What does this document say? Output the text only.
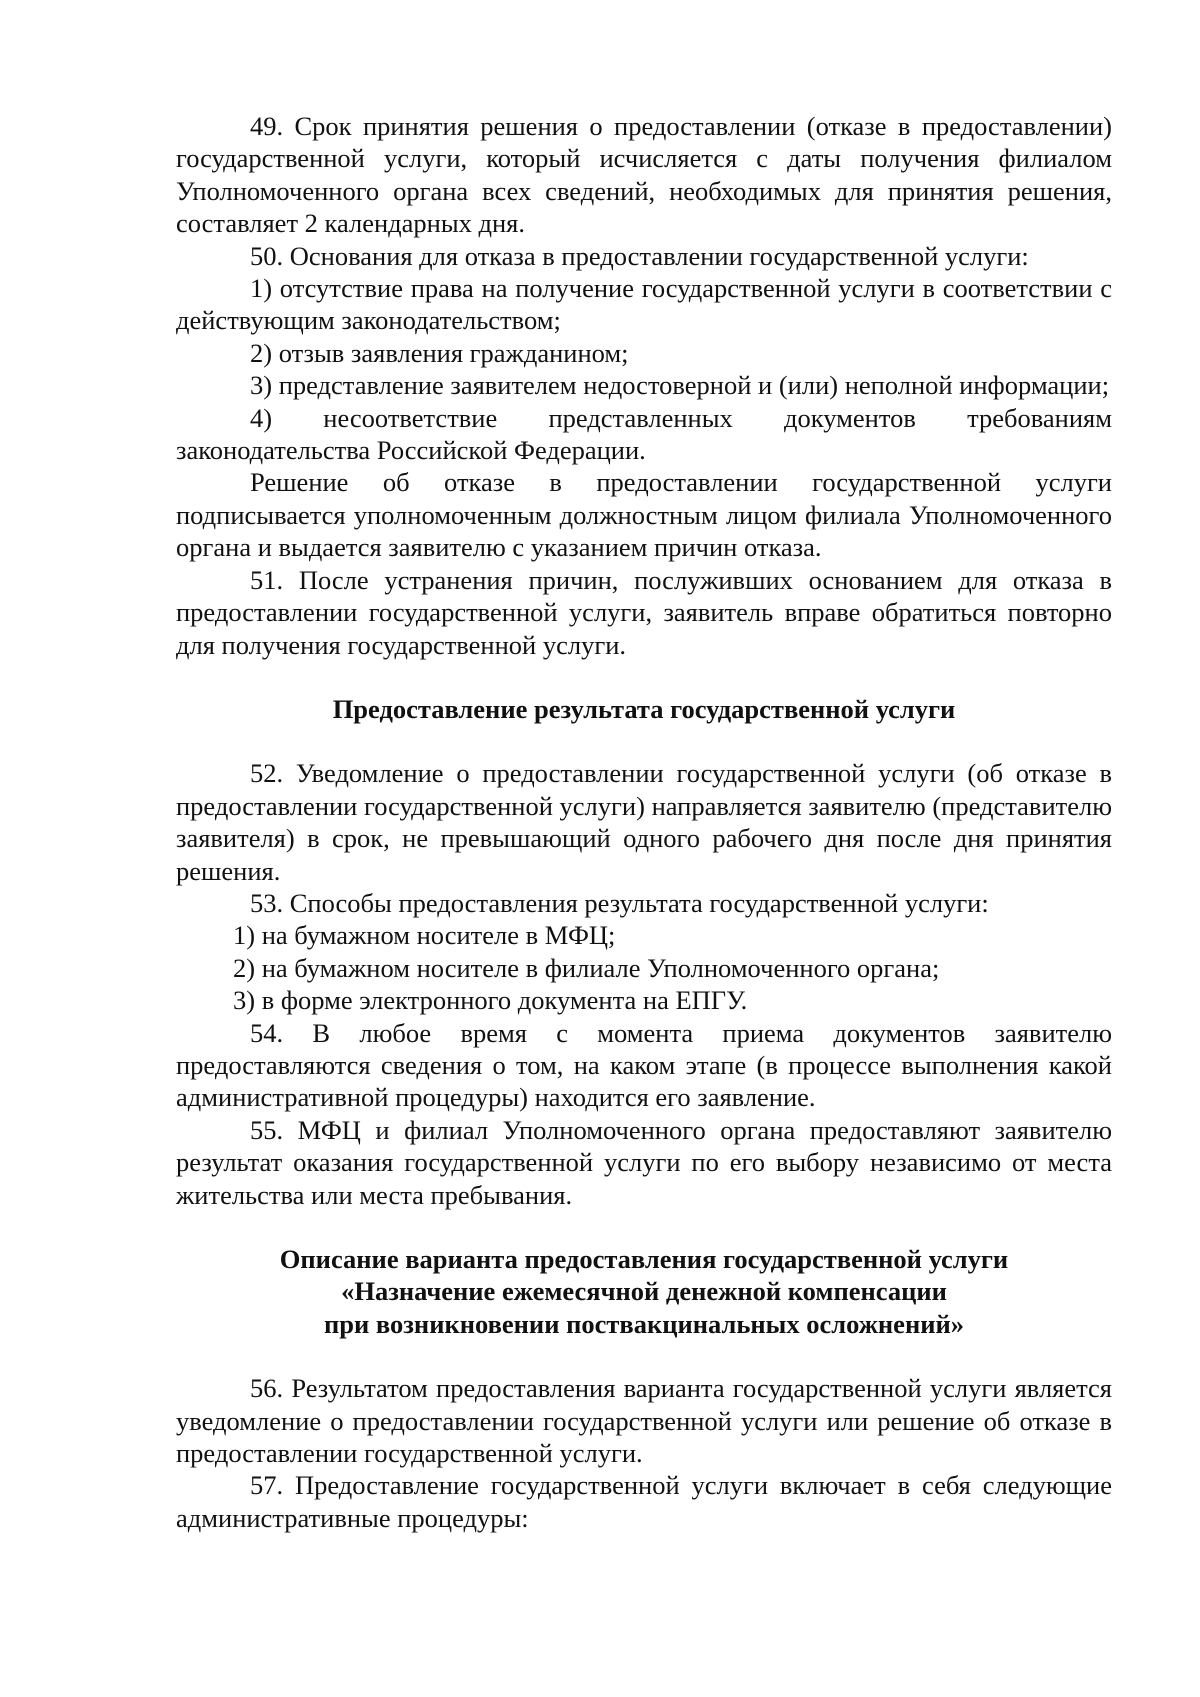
49. Срок принятия решения о предоставлении (отказе в предоставлении) государственной услуги, который исчисляется с даты получения филиалом Уполномоченного органа всех сведений, необходимых для принятия решения, составляет 2 календарных дня.

50. Основания для отказа в предоставлении государственной услуги:

1) отсутствие права на получение государственной услуги в соответствии с действующим законодательством;

2) отзыв заявления гражданином;

3) представление заявителем недостоверной и (или) неполной информации;

4) несоответствие представленных документов требованиям законодательства Российской Федерации.

Решение об отказе в предоставлении государственной услуги подписывается уполномоченным должностным лицом филиала Уполномоченного органа и выдается заявителю с указанием причин отказа.

51. После устранения причин, послуживших основанием для отказа в предоставлении государственной услуги, заявитель вправе обратиться повторно для получения государственной услуги.

Предоставление результата государственной услуги

52. Уведомление о предоставлении государственной услуги (об отказе в предоставлении государственной услуги) направляется заявителю (представителю заявителя) в срок, не превышающий одного рабочего дня после дня принятия решения.

53. Способы предоставления результата государственной услуги:

1) на бумажном носителе в МФЦ;

2) на бумажном носителе в филиале Уполномоченного органа;

3) в форме электронного документа на ЕПГУ.

54. В любое время с момента приема документов заявителю предоставляются сведения о том, на каком этапе (в процессе выполнения какой административной процедуры) находится его заявление.

55. МФЦ и филиал Уполномоченного органа предоставляют заявителю результат оказания государственной услуги по его выбору независимо от места жительства или места пребывания.

Описание варианта предоставления государственной услуги
«Назначение ежемесячной денежной компенсации
при возникновении поствакцинальных осложнений»

56. Результатом предоставления варианта государственной услуги является уведомление о предоставлении государственной услуги или решение об отказе в предоставлении государственной услуги.

57. Предоставление государственной услуги включает в себя следующие административные процедуры:
